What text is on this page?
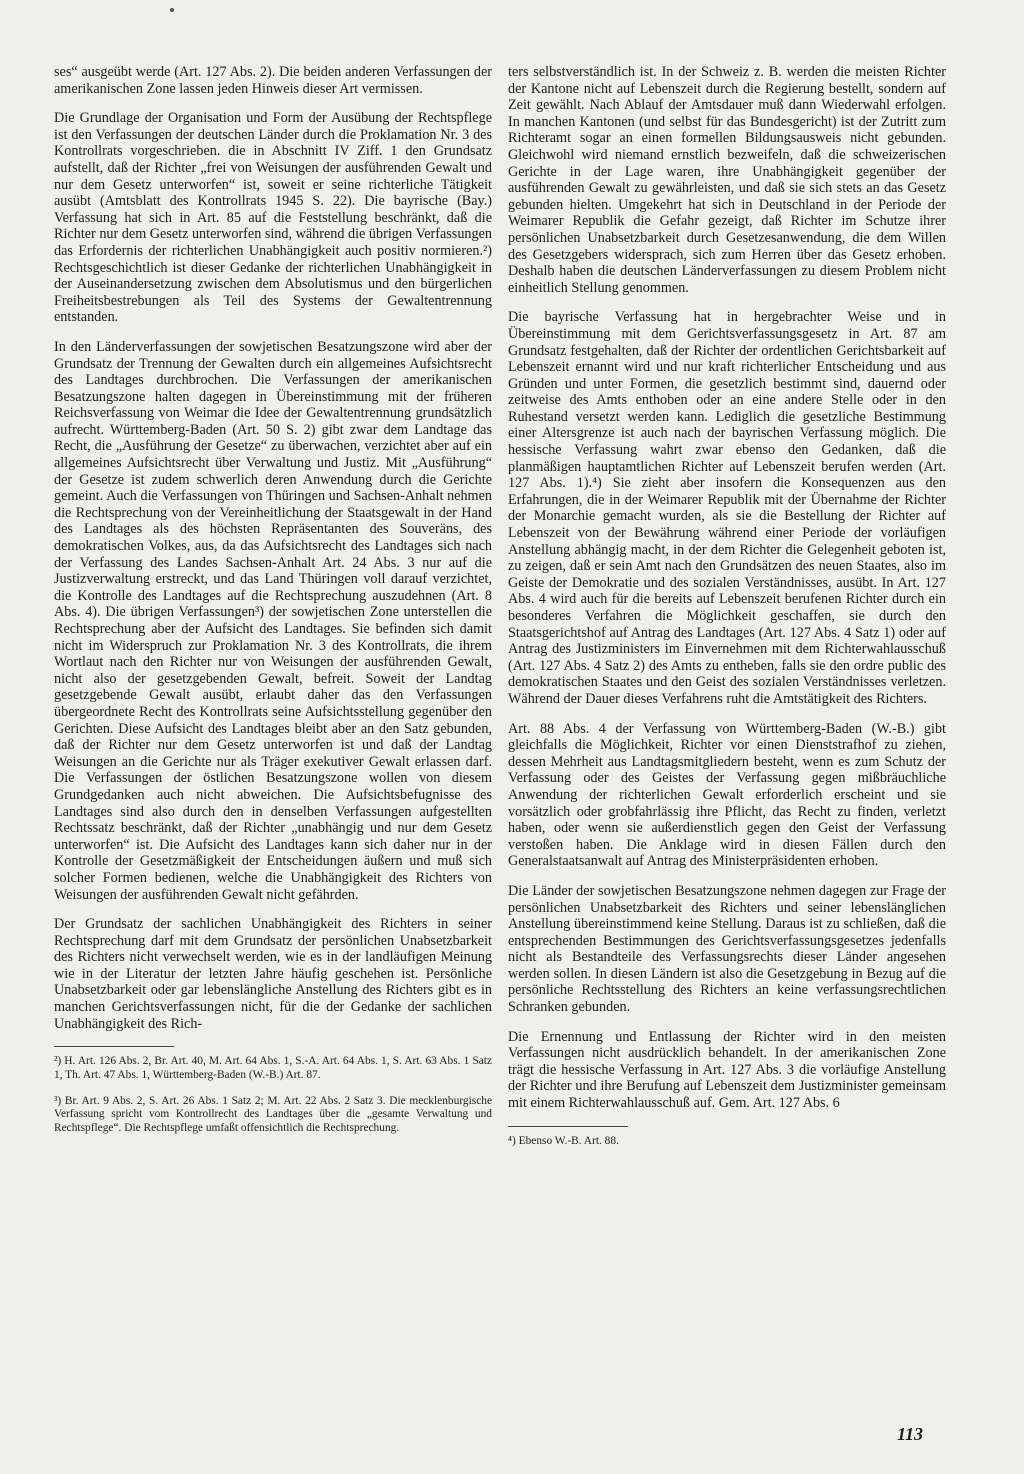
ses“ ausgeübt werde (Art. 127 Abs. 2). Die beiden anderen Verfassungen der amerikanischen Zone lassen jeden Hinweis dieser Art vermissen.

Die Grundlage der Organisation und Form der Ausübung der Rechtspflege ist den Verfassungen der deutschen Länder durch die Proklamation Nr. 3 des Kontrollrats vorgeschrieben. die in Abschnitt IV Ziff. 1 den Grundsatz aufstellt, daß der Richter „frei von Weisungen der ausführenden Gewalt und nur dem Gesetz unterworfen“ ist, soweit er seine richterliche Tätigkeit ausübt (Amtsblatt des Kontrollrats 1945 S. 22). Die bayrische (Bay.) Verfassung hat sich in Art. 85 auf die Feststellung beschränkt, daß die Richter nur dem Gesetz unterworfen sind, während die übrigen Verfassungen das Erfordernis der richterlichen Unabhängigkeit auch positiv normieren.²) Rechtsgeschichtlich ist dieser Gedanke der richterlichen Unabhängigkeit in der Auseinandersetzung zwischen dem Absolutismus und den bürgerlichen Freiheitsbestrebungen als Teil des Systems der Gewaltentrennung entstanden.

In den Länderverfassungen der sowjetischen Besatzungszone wird aber der Grundsatz der Trennung der Gewalten durch ein allgemeines Aufsichtsrecht des Landtages durchbrochen. Die Verfassungen der amerikanischen Besatzungszone halten dagegen in Übereinstimmung mit der früheren Reichsverfassung von Weimar die Idee der Gewaltentrennung grundsätzlich aufrecht. Württemberg-Baden (Art. 50 S. 2) gibt zwar dem Landtage das Recht, die „Ausführung der Gesetze“ zu überwachen, verzichtet aber auf ein allgemeines Aufsichtsrecht über Verwaltung und Justiz. Mit „Ausführung“ der Gesetze ist zudem schwerlich deren Anwendung durch die Gerichte gemeint. Auch die Verfassungen von Thüringen und Sachsen-Anhalt nehmen die Rechtsprechung von der Vereinheitlichung der Staatsgewalt in der Hand des Landtages als des höchsten Repräsentanten des Souveräns, des demokratischen Volkes, aus, da das Aufsichtsrecht des Landtages sich nach der Verfassung des Landes Sachsen-Anhalt Art. 24 Abs. 3 nur auf die Justizverwaltung erstreckt, und das Land Thüringen voll darauf verzichtet, die Kontrolle des Landtages auf die Rechtsprechung auszudehnen (Art. 8 Abs. 4). Die übrigen Verfassungen³) der sowjetischen Zone unterstellen die Rechtsprechung aber der Aufsicht des Landtages. Sie befinden sich damit nicht im Widerspruch zur Proklamation Nr. 3 des Kontrollrats, die ihrem Wortlaut nach den Richter nur von Weisungen der ausführenden Gewalt, nicht also der gesetzgebenden Gewalt, befreit. Soweit der Landtag gesetzgebende Gewalt ausübt, erlaubt daher das den Verfassungen übergeordnete Recht des Kontrollrats seine Aufsichtsstellung gegenüber den Gerichten. Diese Aufsicht des Landtages bleibt aber an den Satz gebunden, daß der Richter nur dem Gesetz unterworfen ist und daß der Landtag Weisungen an die Gerichte nur als Träger exekutiver Gewalt erlassen darf. Die Verfassungen der östlichen Besatzungszone wollen von diesem Grundgedanken auch nicht abweichen. Die Aufsichtsbefugnisse des Landtages sind also durch den in denselben Verfassungen aufgestellten Rechtssatz beschränkt, daß der Richter „unabhängig und nur dem Gesetz unterworfen“ ist. Die Aufsicht des Landtages kann sich daher nur in der Kontrolle der Gesetzmäßigkeit der Entscheidungen äußern und muß sich solcher Formen bedienen, welche die Unabhängigkeit des Richters von Weisungen der ausführenden Gewalt nicht gefährden.

Der Grundsatz der sachlichen Unabhängigkeit des Richters in seiner Rechtsprechung darf mit dem Grundsatz der persönlichen Unabsetzbarkeit des Richters nicht verwechselt werden, wie es in der landläufigen Meinung wie in der Literatur der letzten Jahre häufig geschehen ist. Persönliche Unabsetzbarkeit oder gar lebenslängliche Anstellung des Richters gibt es in manchen Gerichtsverfassungen nicht, für die der Gedanke der sachlichen Unabhängigkeit des Rich-

²) H. Art. 126 Abs. 2, Br. Art. 40, M. Art. 64 Abs. 1, S.-A. Art. 64 Abs. 1, S. Art. 63 Abs. 1 Satz 1, Th. Art. 47 Abs. 1, Württemberg-Baden (W.-B.) Art. 87.

³) Br. Art. 9 Abs. 2, S. Art. 26 Abs. 1 Satz 2; M. Art. 22 Abs. 2 Satz 3. Die mecklenburgische Verfassung spricht vom Kontrollrecht des Landtages über die „gesamte Verwaltung und Rechtspflege“. Die Rechtspflege umfaßt offensichtlich die Rechtsprechung.

ters selbstverständlich ist. In der Schweiz z. B. werden die meisten Richter der Kantone nicht auf Lebenszeit durch die Regierung bestellt, sondern auf Zeit gewählt. Nach Ablauf der Amtsdauer muß dann Wiederwahl erfolgen. In manchen Kantonen (und selbst für das Bundesgericht) ist der Zutritt zum Richteramt sogar an einen formellen Bildungsausweis nicht gebunden. Gleichwohl wird niemand ernstlich bezweifeln, daß die schweizerischen Gerichte in der Lage waren, ihre Unabhängigkeit gegenüber der ausführenden Gewalt zu gewährleisten, und daß sie sich stets an das Gesetz gebunden hielten. Umgekehrt hat sich in Deutschland in der Periode der Weimarer Republik die Gefahr gezeigt, daß Richter im Schutze ihrer persönlichen Unabsetzbarkeit durch Gesetzesanwendung, die dem Willen des Gesetzgebers widersprach, sich zum Herren über das Gesetz erhoben. Deshalb haben die deutschen Länderverfassungen zu diesem Problem nicht einheitlich Stellung genommen.

Die bayrische Verfassung hat in hergebrachter Weise und in Übereinstimmung mit dem Gerichtsverfassungsgesetz in Art. 87 am Grundsatz festgehalten, daß der Richter der ordentlichen Gerichtsbarkeit auf Lebenszeit ernannt wird und nur kraft richterlicher Entscheidung und aus Gründen und unter Formen, die gesetzlich bestimmt sind, dauernd oder zeitweise des Amts enthoben oder an eine andere Stelle oder in den Ruhestand versetzt werden kann. Lediglich die gesetzliche Bestimmung einer Altersgrenze ist auch nach der bayrischen Verfassung möglich. Die hessische Verfassung wahrt zwar ebenso den Gedanken, daß die planmäßigen hauptamtlichen Richter auf Lebenszeit berufen werden (Art. 127 Abs. 1).⁴) Sie zieht aber insofern die Konsequenzen aus den Erfahrungen, die in der Weimarer Republik mit der Übernahme der Richter der Monarchie gemacht wurden, als sie die Bestellung der Richter auf Lebenszeit von der Bewährung während einer Periode der vorläufigen Anstellung abhängig macht, in der dem Richter die Gelegenheit geboten ist, zu zeigen, daß er sein Amt nach den Grundsätzen des neuen Staates, also im Geiste der Demokratie und des sozialen Verständnisses, ausübt. In Art. 127 Abs. 4 wird auch für die bereits auf Lebenszeit berufenen Richter durch ein besonderes Verfahren die Möglichkeit geschaffen, sie durch den Staatsgerichtshof auf Antrag des Landtages (Art. 127 Abs. 4 Satz 1) oder auf Antrag des Justizministers im Einvernehmen mit dem Richterwahlausschuß (Art. 127 Abs. 4 Satz 2) des Amts zu entheben, falls sie den ordre public des demokratischen Staates und den Geist des sozialen Verständnisses verletzen. Während der Dauer dieses Verfahrens ruht die Amtstätigkeit des Richters.

Art. 88 Abs. 4 der Verfassung von Württemberg-Baden (W.-B.) gibt gleichfalls die Möglichkeit, Richter vor einen Dienststrafhof zu ziehen, dessen Mehrheit aus Landtagsmitgliedern besteht, wenn es zum Schutz der Verfassung oder des Geistes der Verfassung gegen mißbräuchliche Anwendung der richterlichen Gewalt erforderlich erscheint und sie vorsätzlich oder grobfahrlässig ihre Pflicht, das Recht zu finden, verletzt haben, oder wenn sie außerdienstlich gegen den Geist der Verfassung verstoßen haben. Die Anklage wird in diesen Fällen durch den Generalstaatsanwalt auf Antrag des Ministerpräsidenten erhoben.

Die Länder der sowjetischen Besatzungszone nehmen dagegen zur Frage der persönlichen Unabsetzbarkeit des Richters und seiner lebenslänglichen Anstellung übereinstimmend keine Stellung. Daraus ist zu schließen, daß die entsprechenden Bestimmungen des Gerichtsverfassungsgesetzes jedenfalls nicht als Bestandteile des Verfassungsrechts dieser Länder angesehen werden sollen. In diesen Ländern ist also die Gesetzgebung in Bezug auf die persönliche Rechtsstellung des Richters an keine verfassungsrechtlichen Schranken gebunden.

Die Ernennung und Entlassung der Richter wird in den meisten Verfassungen nicht ausdrücklich behandelt. In der amerikanischen Zone trägt die hessische Verfassung in Art. 127 Abs. 3 die vorläufige Anstellung der Richter und ihre Berufung auf Lebenszeit dem Justizminister gemeinsam mit einem Richterwahlausschuß auf. Gem. Art. 127 Abs. 6

⁴) Ebenso W.-B. Art. 88.

113
